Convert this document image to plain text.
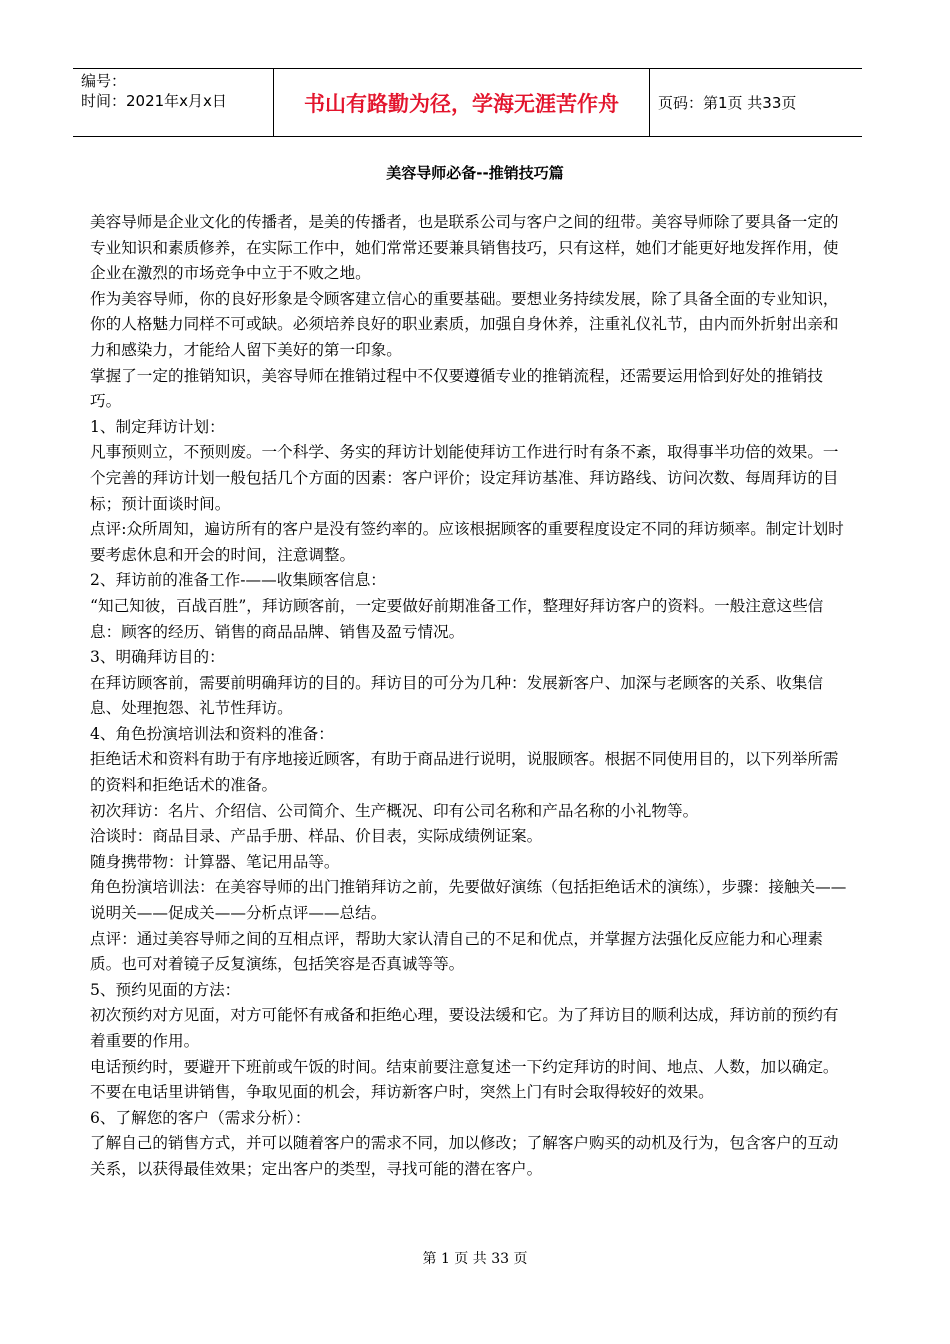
编号：
时间：2021年x月x日	书山有路勤为径，学海无涯苦作舟	页码：第1页 共33页
美容导师必备--推销技巧篇

美容导师是企业文化的传播者，是美的传播者，也是联系公司与客户之间的纽带。美容导师除了要具备一定的专业知识和素质修养，在实际工作中，她们常常还要兼具销售技巧，只有这样，她们才能更好地发挥作用，使企业在激烈的市场竞争中立于不败之地。

作为美容导师，你的良好形象是令顾客建立信心的重要基础。要想业务持续发展，除了具备全面的专业知识，你的人格魅力同样不可或缺。必须培养良好的职业素质，加强自身休养，注重礼仪礼节，由内而外折射出亲和力和感染力，才能给人留下美好的第一印象。

掌握了一定的推销知识，美容导师在推销过程中不仅要遵循专业的推销流程，还需要运用恰到好处的推销技巧。

1、制定拜访计划：

凡事预则立，不预则废。一个科学、务实的拜访计划能使拜访工作进行时有条不紊，取得事半功倍的效果。一个完善的拜访计划一般包括几个方面的因素：客户评价；设定拜访基准、拜访路线、访问次数、每周拜访的目标；预计面谈时间。

点评:众所周知，遍访所有的客户是没有签约率的。应该根据顾客的重要程度设定不同的拜访频率。制定计划时要考虑休息和开会的时间，注意调整。

2、拜访前的准备工作-——收集顾客信息：

“知己知彼，百战百胜”，拜访顾客前，一定要做好前期准备工作，整理好拜访客户的资料。一般注意这些信息：顾客的经历、销售的商品品牌、销售及盈亏情况。

3、明确拜访目的：

在拜访顾客前，需要前明确拜访的目的。拜访目的可分为几种：发展新客户、加深与老顾客的关系、收集信息、处理抱怨、礼节性拜访。

4、角色扮演培训法和资料的准备：

拒绝话术和资料有助于有序地接近顾客，有助于商品进行说明，说服顾客。根据不同使用目的，以下列举所需的资料和拒绝话术的准备。

初次拜访：名片、介绍信、公司简介、生产概况、印有公司名称和产品名称的小礼物等。

洽谈时：商品目录、产品手册、样品、价目表，实际成绩例证案。

随身携带物：计算器、笔记用品等。

角色扮演培训法：在美容导师的出门推销拜访之前，先要做好演练（包括拒绝话术的演练），步骤：接触关——说明关——促成关——分析点评——总结。

点评：通过美容导师之间的互相点评，帮助大家认清自己的不足和优点，并掌握方法强化反应能力和心理素质。也可对着镜子反复演练，包括笑容是否真诚等等。

5、预约见面的方法：

初次预约对方见面，对方可能怀有戒备和拒绝心理，要设法缓和它。为了拜访目的顺利达成，拜访前的预约有着重要的作用。

电话预约时，要避开下班前或午饭的时间。结束前要注意复述一下约定拜访的时间、地点、人数，加以确定。不要在电话里讲销售，争取见面的机会，拜访新客户时，突然上门有时会取得较好的效果。

6、了解您的客户（需求分析）：

了解自己的销售方式，并可以随着客户的需求不同，加以修改；了解客户购买的动机及行为，包含客户的互动关系，以获得最佳效果；定出客户的类型，寻找可能的潜在客户。

第 1 页 共 33 页
